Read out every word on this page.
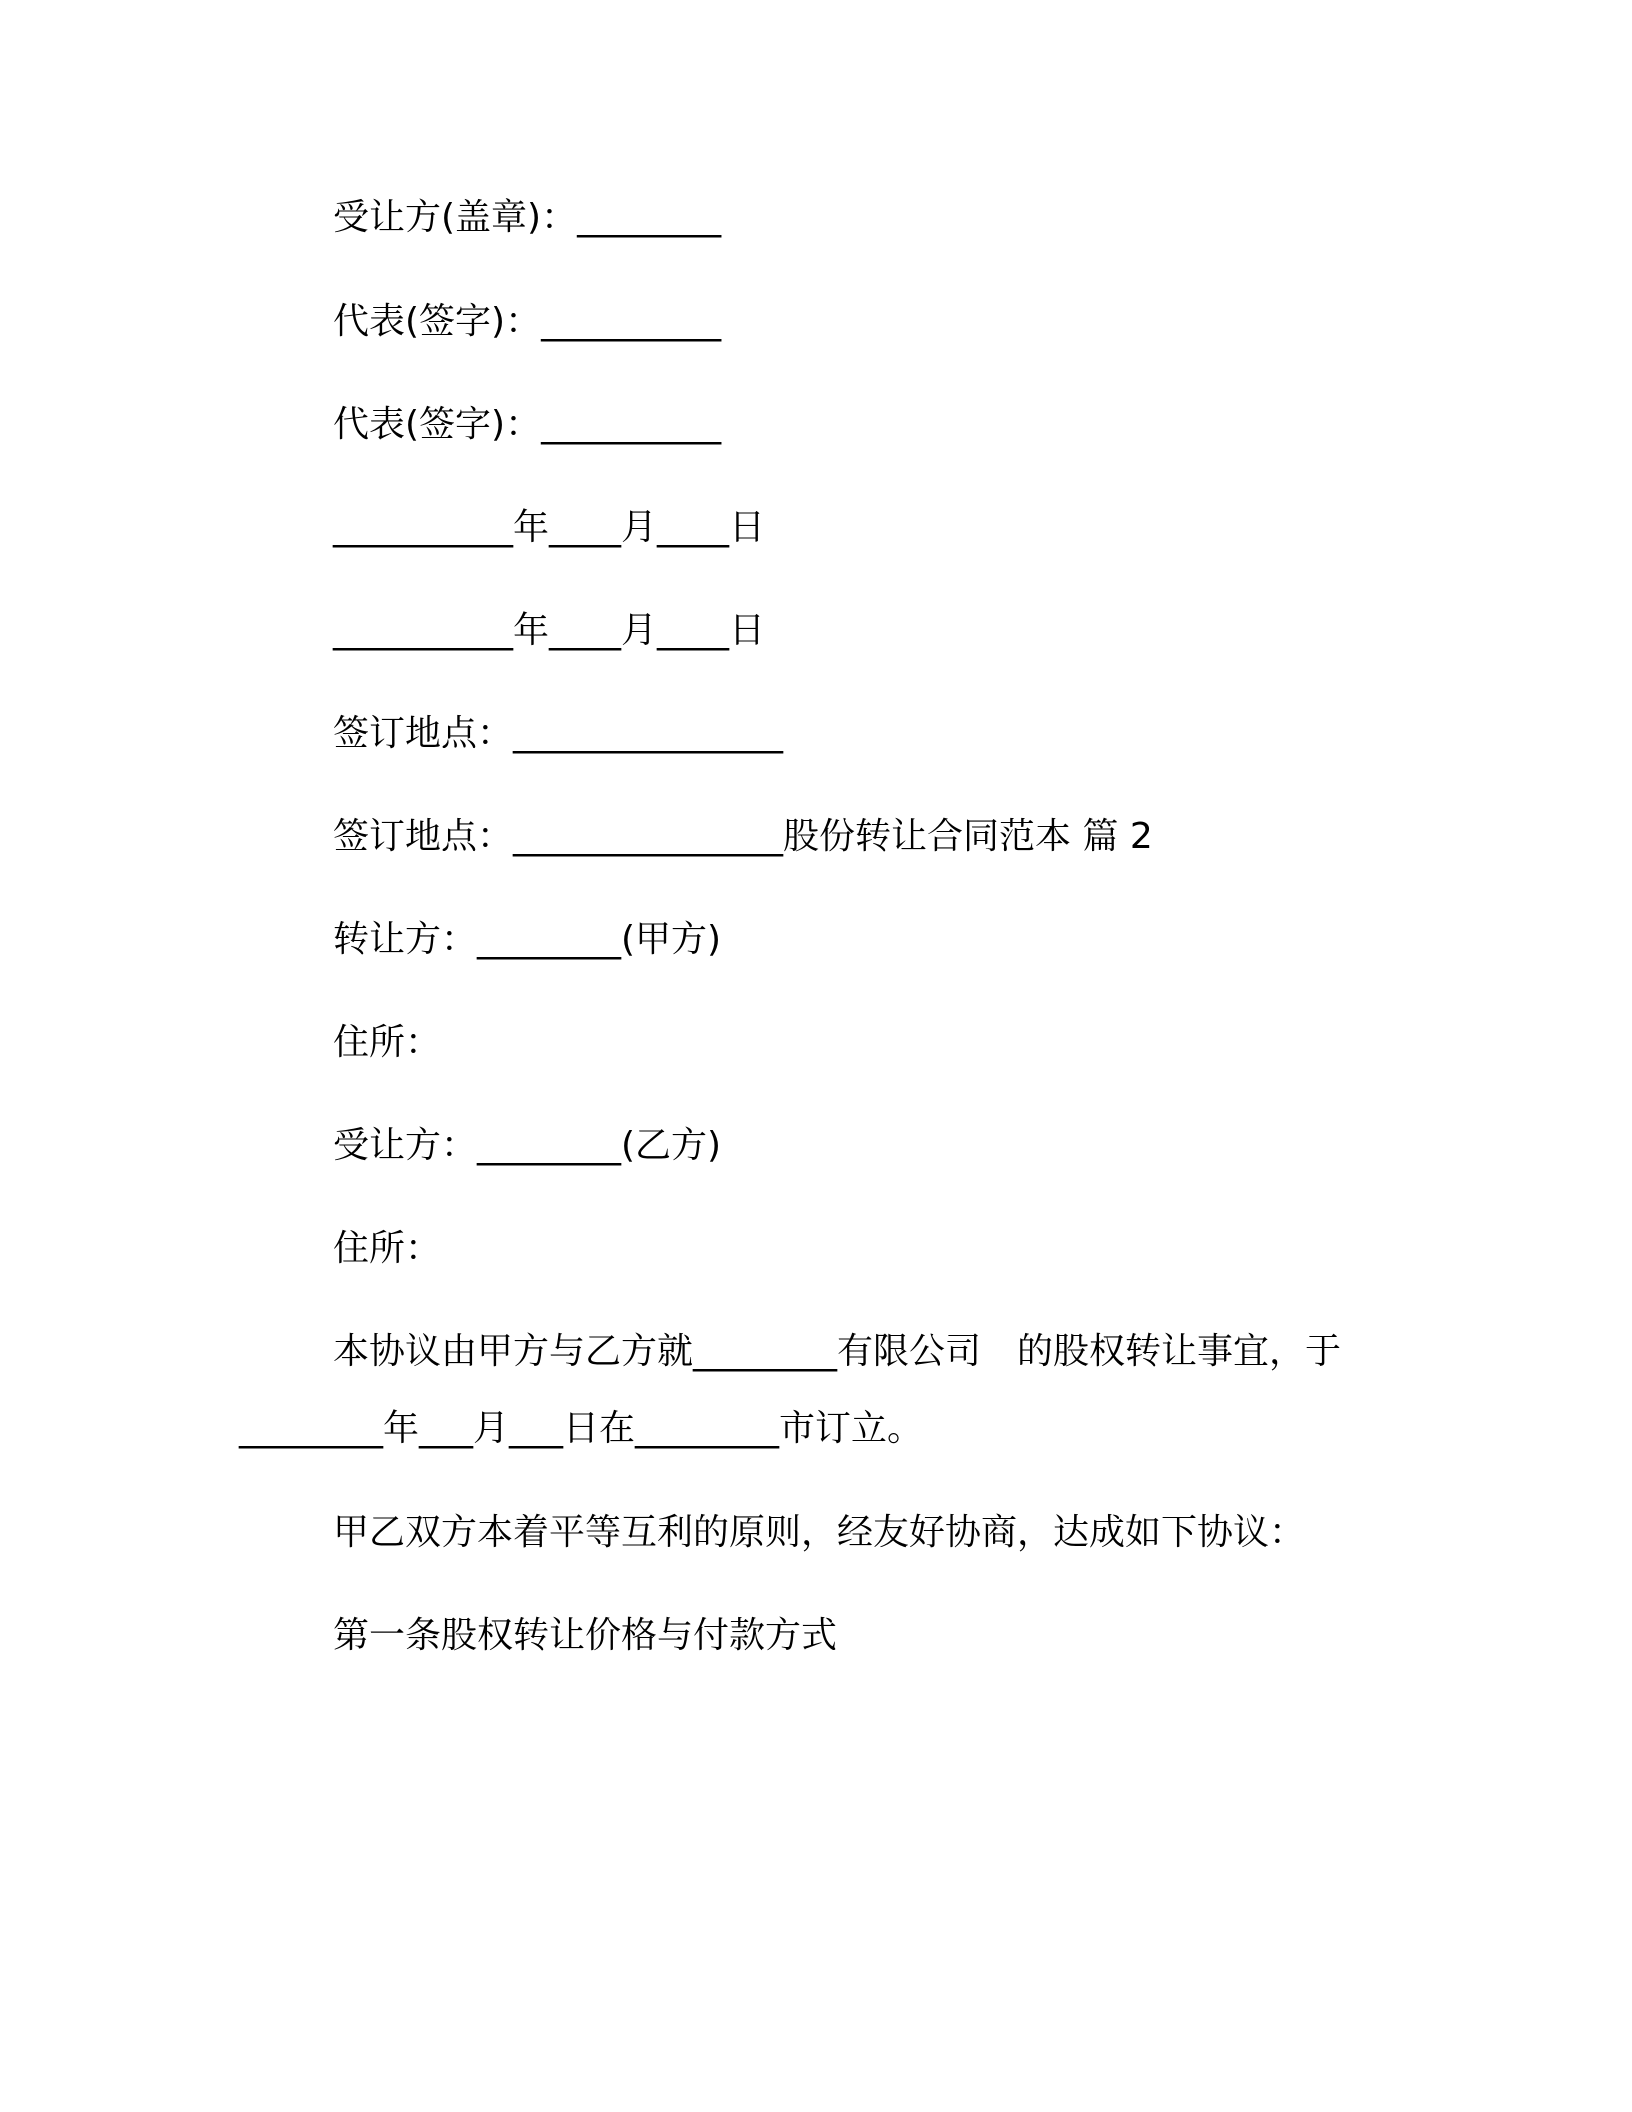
受让方(盖章)：________
代表(签字)：__________
代表(签字)：__________
__________年____月____日
__________年____月____日
签订地点：_______________
签订地点：_______________股份转让合同范本 篇 2
转让方：________(甲方)
住所：
受让方：________(乙方)
住所：
本协议由甲方与乙方就________有限公司　的股权转让事宜，于
________年___月___日在________市订立。
甲乙双方本着平等互利的原则，经友好协商，达成如下协议：
第一条股权转让价格与付款方式
